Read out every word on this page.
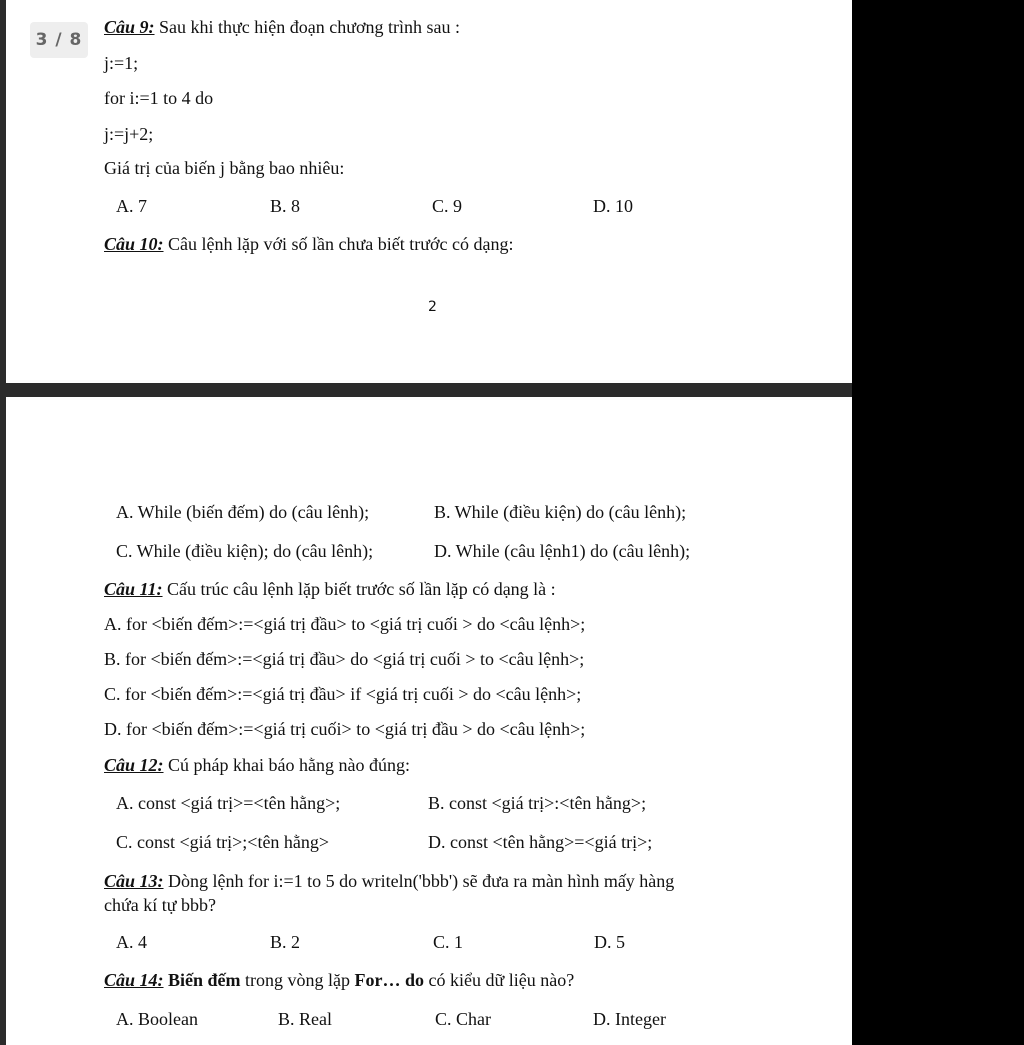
3 / 8
Câu 9: Sau khi thực hiện đoạn chương trình sau :
j:=1;
for i:=1 to 4 do
j:=j+2;
Giá trị của biến j bằng bao nhiêu:
A. 7	B. 8	C. 9	D. 10
Câu 10: Câu lệnh lặp với số lần chưa biết trước có dạng:
2
A. While (biến đếm) do (câu lênh);	B. While (điều kiện) do (câu lênh);
C. While (điều kiện); do (câu lênh);	D. While (câu lệnh1) do (câu lênh);
Câu 11: Cấu trúc câu lệnh lặp biết trước số lần lặp có dạng là :
A. for <biến đếm>:=<giá trị đầu> to <giá trị cuối > do <câu lệnh>;
B. for <biến đếm>:=<giá trị đầu> do <giá trị cuối > to <câu lệnh>;
C. for <biến đếm>:=<giá trị đầu> if <giá trị cuối > do <câu lệnh>;
D. for <biến đếm>:=<giá trị cuối> to <giá trị đầu > do <câu lệnh>;
Câu 12: Cú pháp khai báo hằng nào đúng:
A. const <giá trị>=<tên hằng>;	B. const <giá trị>:<tên hằng>;
C. const <giá trị>;<tên hằng>	D. const <tên hằng>=<giá trị>;
Câu 13: Dòng lệnh for i:=1 to 5 do writeln('bbb') sẽ đưa ra màn hình mấy hàng
chứa kí tự bbb?
A. 4	B. 2	C. 1	D. 5
Câu 14: Biến đếm trong vòng lặp For… do có kiểu dữ liệu nào?
A. Boolean	B. Real	C. Char	D. Integer
